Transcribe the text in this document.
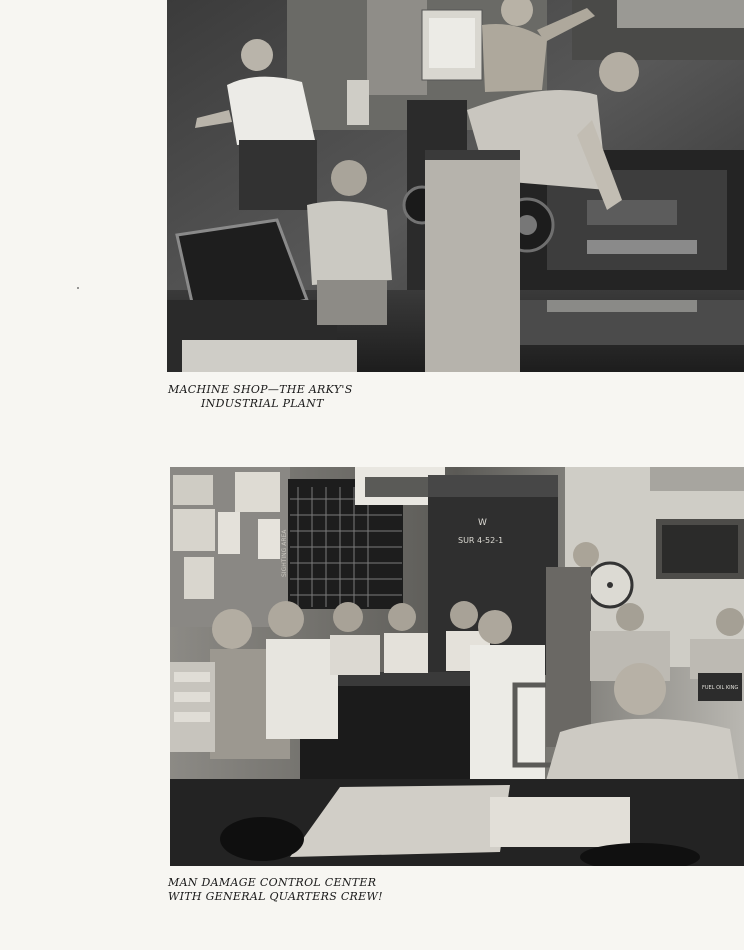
MACHINE SHOP—THE ARKY'S
INDUSTRIAL PLANT
SIGHTING AREA
W
SUR 4-52-1
FUEL OIL KING
MAN DAMAGE CONTROL CENTER
WITH GENERAL QUARTERS CREW!
